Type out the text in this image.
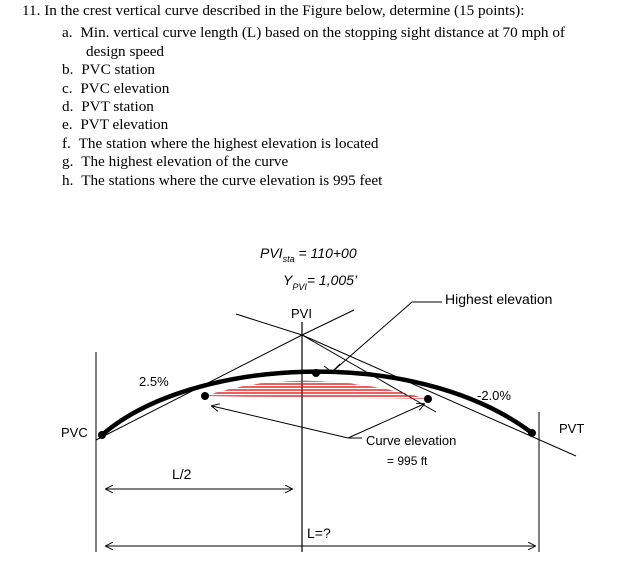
11. In the crest vertical curve described in the Figure below, determine (15 points):
a. Min. vertical curve length (L) based on the stopping sight distance at 70 mph of
design speed
b. PVC station
c. PVC elevation
d. PVT station
e. PVT elevation
f. The station where the highest elevation is located
g. The highest elevation of the curve
h. The stations where the curve elevation is 995 feet
$PVI_{sta} = 110+00$
$Y_{PVI}= 1,005$’
PVI
Highest elevation
2.5%
-2.0%
PVC	PVT
Curve elevation
= 995 ft
L/2
L=?
